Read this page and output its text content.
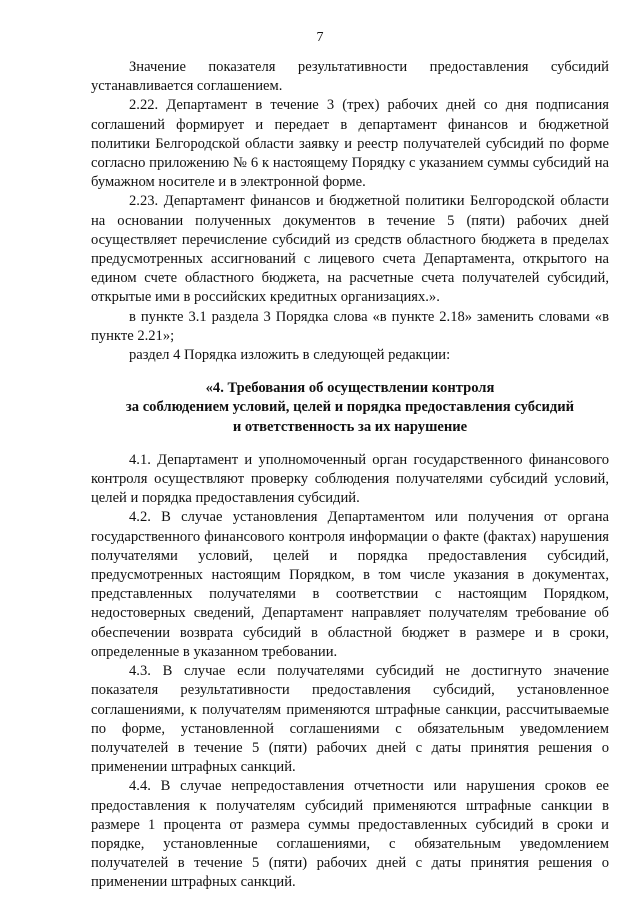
7

Значение показателя результативности предоставления субсидий устанавливается соглашением.

2.22. Департамент в течение 3 (трех) рабочих дней со дня подписания соглашений формирует и передает в департамент финансов и бюджетной политики Белгородской области заявку и реестр получателей субсидий по форме согласно приложению № 6 к настоящему Порядку с указанием суммы субсидий на бумажном носителе и в электронной форме.

2.23. Департамент финансов и бюджетной политики Белгородской области на основании полученных документов в течение 5 (пяти) рабочих дней осуществляет перечисление субсидий из средств областного бюджета в пределах предусмотренных ассигнований с лицевого счета Департамента, открытого на едином счете областного бюджета, на расчетные счета получателей субсидий, открытые ими в российских кредитных организациях.».

в пункте 3.1 раздела 3 Порядка слова «в пункте 2.18» заменить словами «в пункте 2.21»;

раздел 4 Порядка изложить в следующей редакции:

«4. Требования об осуществлении контроля
за соблюдением условий, целей и порядка предоставления субсидий
и ответственность за их нарушение

4.1. Департамент и уполномоченный орган государственного финансового контроля осуществляют проверку соблюдения получателями субсидий условий, целей и порядка предоставления субсидий.

4.2. В случае установления Департаментом или получения от органа государственного финансового контроля информации о факте (фактах) нарушения получателями условий, целей и порядка предоставления субсидий, предусмотренных настоящим Порядком, в том числе указания в документах, представленных получателями в соответствии с настоящим Порядком, недостоверных сведений, Департамент направляет получателям требование об обеспечении возврата субсидий в областной бюджет в размере и в сроки, определенные в указанном требовании.

4.3. В случае если получателями субсидий не достигнуто значение показателя результативности предоставления субсидий, установленное соглашениями, к получателям применяются штрафные санкции, рассчитываемые по форме, установленной соглашениями с обязательным уведомлением получателей в течение 5 (пяти) рабочих дней с даты принятия решения о применении штрафных санкций.

4.4. В случае непредоставления отчетности или нарушения сроков ее предоставления к получателям субсидий применяются штрафные санкции в размере 1 процента от размера суммы предоставленных субсидий в сроки и порядке, установленные соглашениями, с обязательным уведомлением получателей в течение 5 (пяти) рабочих дней с даты принятия решения о применении штрафных санкций.
